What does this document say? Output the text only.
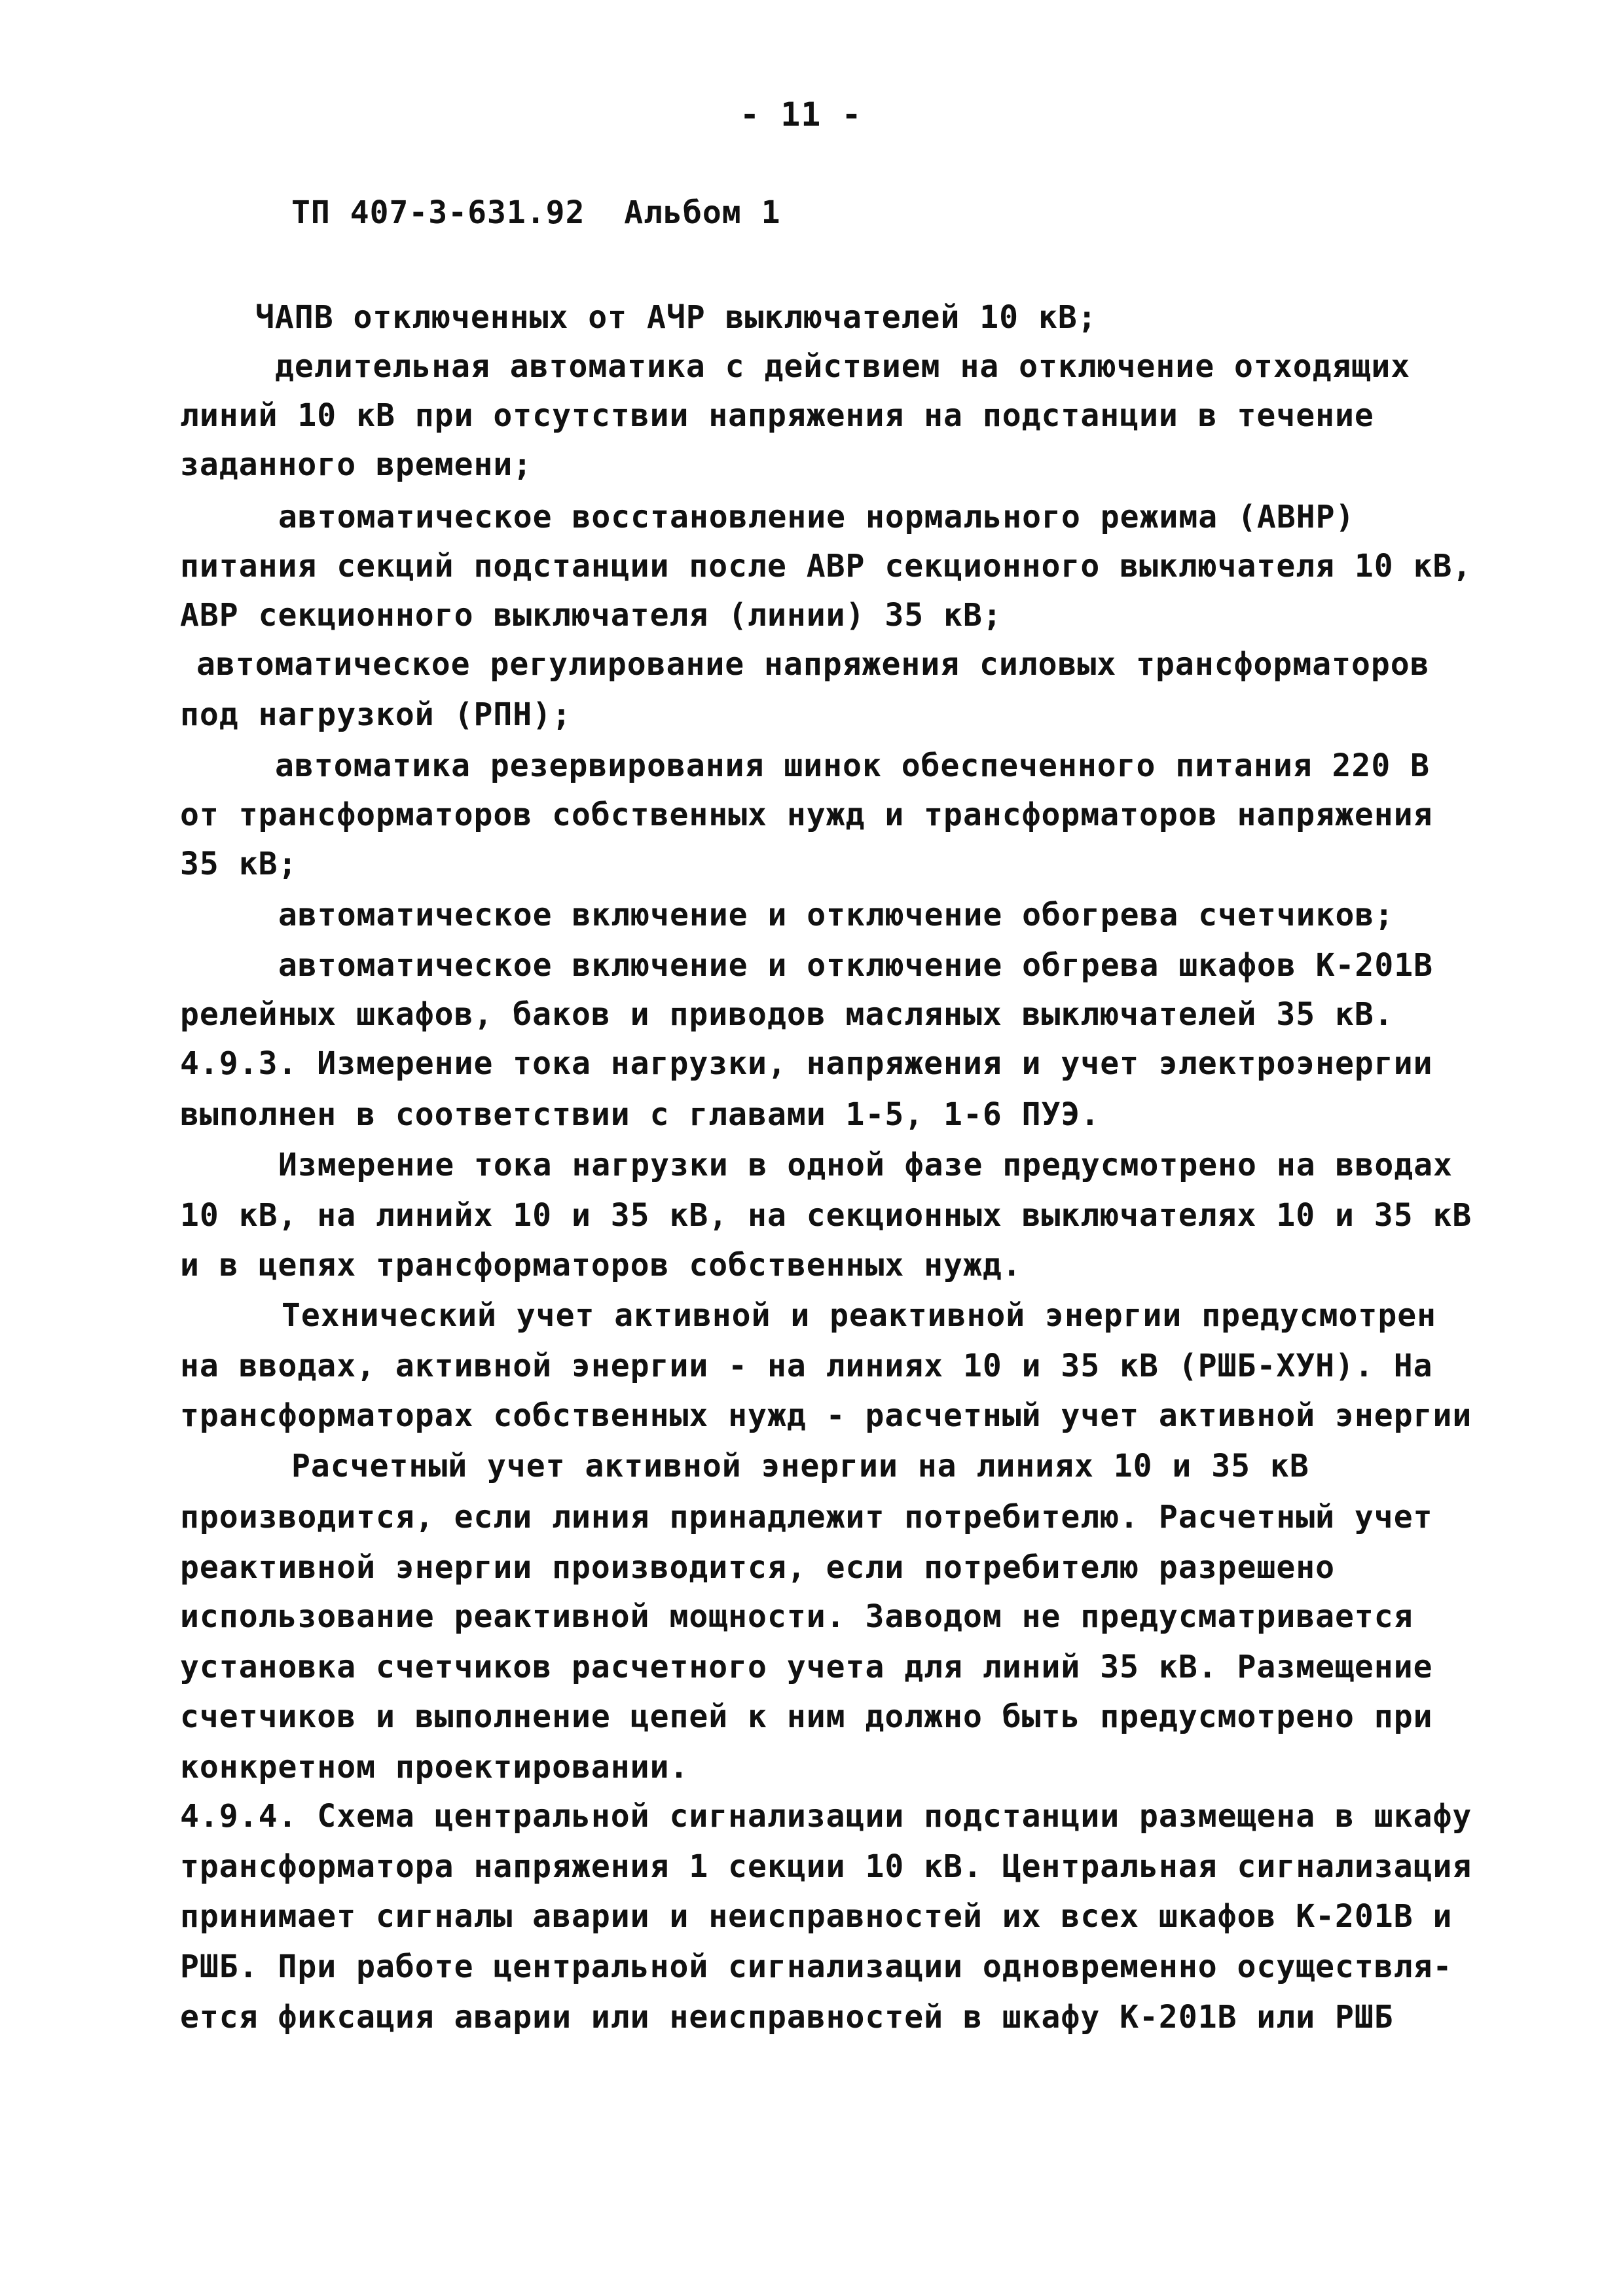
- 11 -
ТП 407-3-631.92  Альбом 1
ЧАПВ отключенных от АЧР выключателей 10 кВ;
делительная автоматика с действием на отключение отходящих
линий 10 кВ при отсутствии напряжения на подстанции в течение
заданного времени;
автоматическое восстановление нормального режима (АВНР)
питания секций подстанции после АВР секционного выключателя 10 кВ,
АВР секционного выключателя (линии) 35 кВ;
автоматическое регулирование напряжения силовых трансформаторов
под нагрузкой (РПН);
автоматика резервирования шинок обеспеченного питания 220 В
от трансформаторов собственных нужд и трансформаторов напряжения
35 кВ;
автоматическое включение и отключение обогрева счетчиков;
автоматическое включение и отключение обгрева шкафов К-201В
релейных шкафов, баков и приводов масляных выключателей 35 кВ.
4.9.3. Измерение тока нагрузки, напряжения и учет электроэнергии
выполнен в соответствии с главами 1-5, 1-6 ПУЭ.
Измерение тока нагрузки в одной фазе предусмотрено на вводах
10 кВ, на линийх 10 и 35 кВ, на секционных выключателях 10 и 35 кВ
и в цепях трансформаторов собственных нужд.
Технический учет активной и реактивной энергии предусмотрен
на вводах, активной энергии - на линиях 10 и 35 кВ (РШБ-ХУН). На
трансформаторах собственных нужд - расчетный учет активной энергии
Расчетный учет активной энергии на линиях 10 и 35 кВ
производится, если линия принадлежит потребителю. Расчетный учет
реактивной энергии производится, если потребителю разрешено
использование реактивной мощности. Заводом не предусматривается
установка счетчиков расчетного учета для линий 35 кВ. Размещение
счетчиков и выполнение цепей к ним должно быть предусмотрено при
конкретном проектировании.
4.9.4. Схема центральной сигнализации подстанции размещена в шкафу
трансформатора напряжения 1 секции 10 кВ. Центральная сигнализация
принимает сигналы аварии и неисправностей их всех шкафов К-201В и
РШБ. При работе центральной сигнализации одновременно осуществля-
ется фиксация аварии или неисправностей в шкафу К-201В или РШБ
